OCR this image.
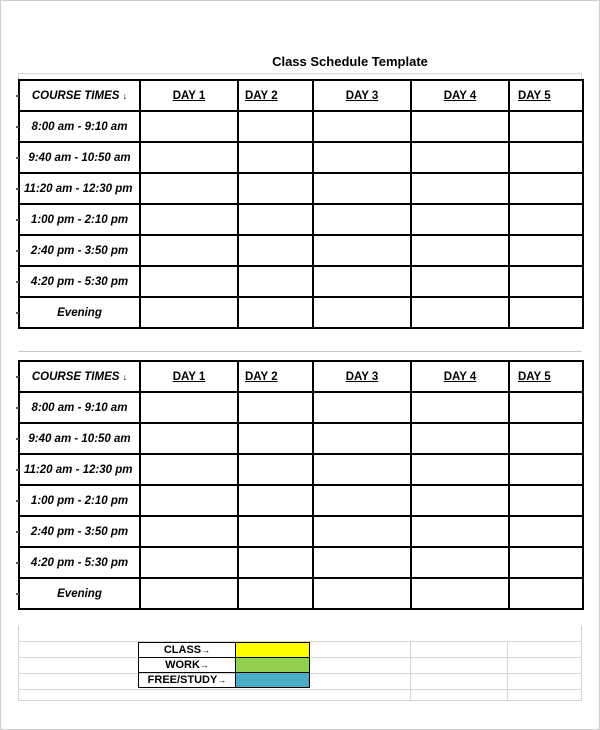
Class Schedule Template
COURSE TIMES ↓	DAY 1	DAY 2	DAY 3	DAY 4	DAY 5
8:00 am - 9:10 am					
9:40 am - 10:50 am					
11:20 am - 12:30 pm					
1:00 pm - 2:10 pm					
2:40 pm - 3:50 pm					
4:20 pm - 5:30 pm					
Evening					
COURSE TIMES ↓	DAY 1	DAY 2	DAY 3	DAY 4	DAY 5
8:00 am - 9:10 am					
9:40 am - 10:50 am					
11:20 am - 12:30 pm					
1:00 pm - 2:10 pm					
2:40 pm - 3:50 pm					
4:20 pm - 5:30 pm					
Evening					
CLASS→	
WORK→	
FREE/STUDY→	
